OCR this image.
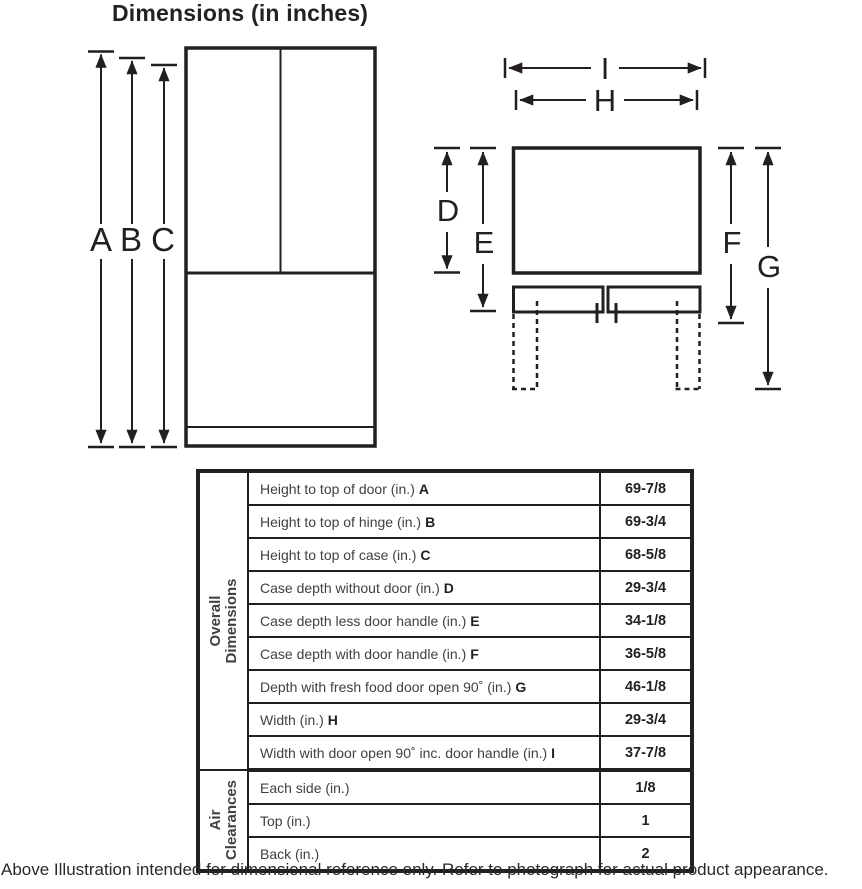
Dimensions (in inches)
A B C
I
H
D
E	F
G
Overall Dimensions	Height to top of door (in.) A	69-7/8
	Height to top of hinge (in.) B	69-3/4
	Height to top of case (in.) C	68-5/8
	Case depth without door (in.) D	29-3/4
	Case depth less door handle (in.) E	34-1/8
	Case depth with door handle (in.) F	36-5/8
	Depth with fresh food door open 90˚ (in.) G	46-1/8
	Width (in.) H	29-3/4
	Width with door open 90˚ inc. door handle (in.) I	37-7/8

Air Clearances	Each side (in.)	1/8
	Top (in.)	1
	Back (in.)	2
Above Illustration intended for dimensional reference only. Refer to photograph for actual product appearance.
